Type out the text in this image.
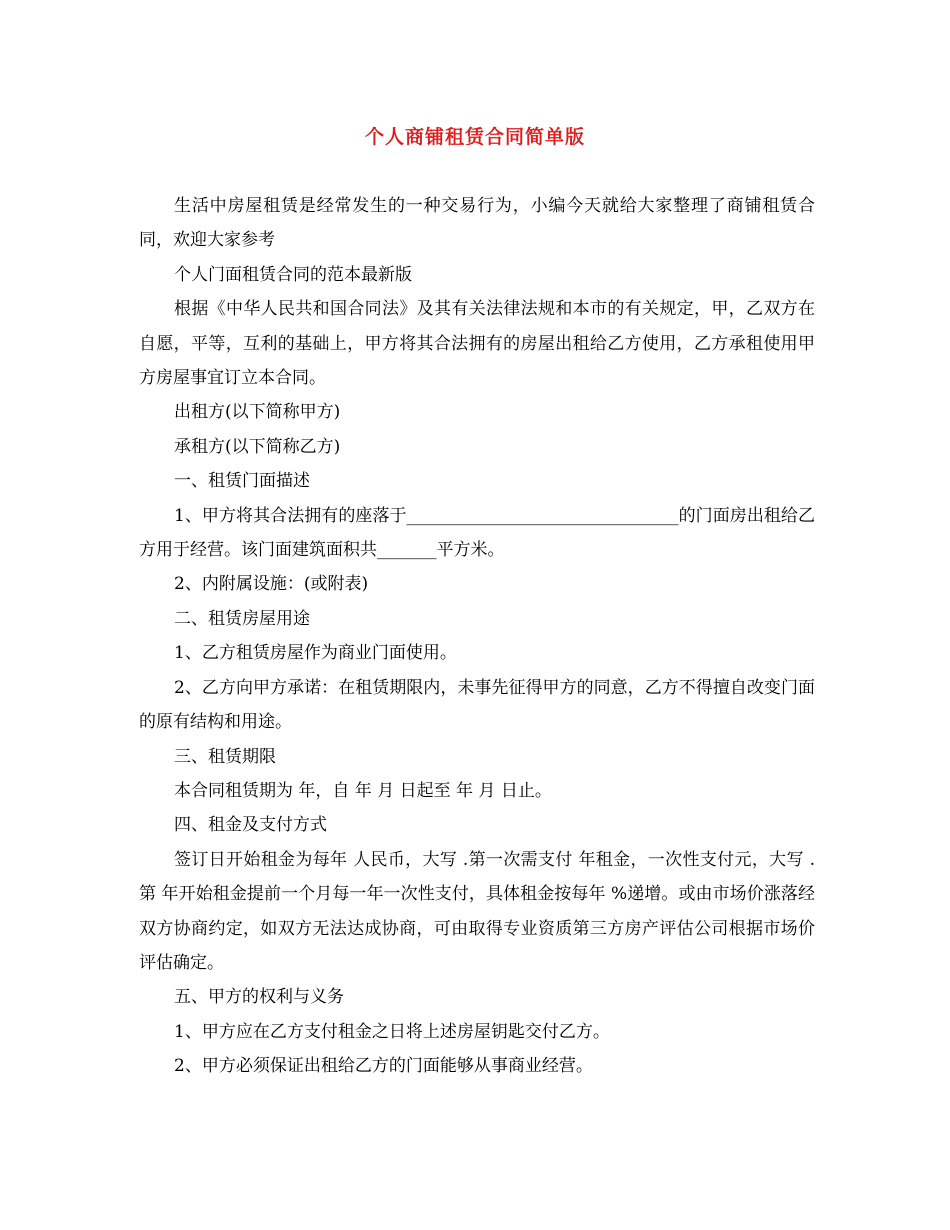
个人商铺租赁合同简单版

生活中房屋租赁是经常发生的一种交易行为，小编今天就给大家整理了商铺租赁合同，欢迎大家参考

个人门面租赁合同的范本最新版

根据《中华人民共和国合同法》及其有关法律法规和本市的有关规定，甲，乙双方在自愿，平等，互利的基础上，甲方将其合法拥有的房屋出租给乙方使用，乙方承租使用甲方房屋事宜订立本合同。

出租方(以下简称甲方)

承租方(以下简称乙方)

一、租赁门面描述

1、甲方将其合法拥有的座落于________________________________的门面房出租给乙方用于经营。该门面建筑面积共_______平方米。

2、内附属设施：(或附表)

二、租赁房屋用途

1、乙方租赁房屋作为商业门面使用。

2、乙方向甲方承诺：在租赁期限内，未事先征得甲方的同意，乙方不得擅自改变门面的原有结构和用途。

三、租赁期限

本合同租赁期为 年，自 年 月 日起至 年 月 日止。

四、租金及支付方式

签订日开始租金为每年 人民币，大写 .第一次需支付 年租金，一次性支付元，大写 .第 年开始租金提前一个月每一年一次性支付，具体租金按每年 %递增。或由市场价涨落经双方协商约定，如双方无法达成协商，可由取得专业资质第三方房产评估公司根据市场价评估确定。

五、甲方的权利与义务

1、甲方应在乙方支付租金之日将上述房屋钥匙交付乙方。

2、甲方必须保证出租给乙方的门面能够从事商业经营。
